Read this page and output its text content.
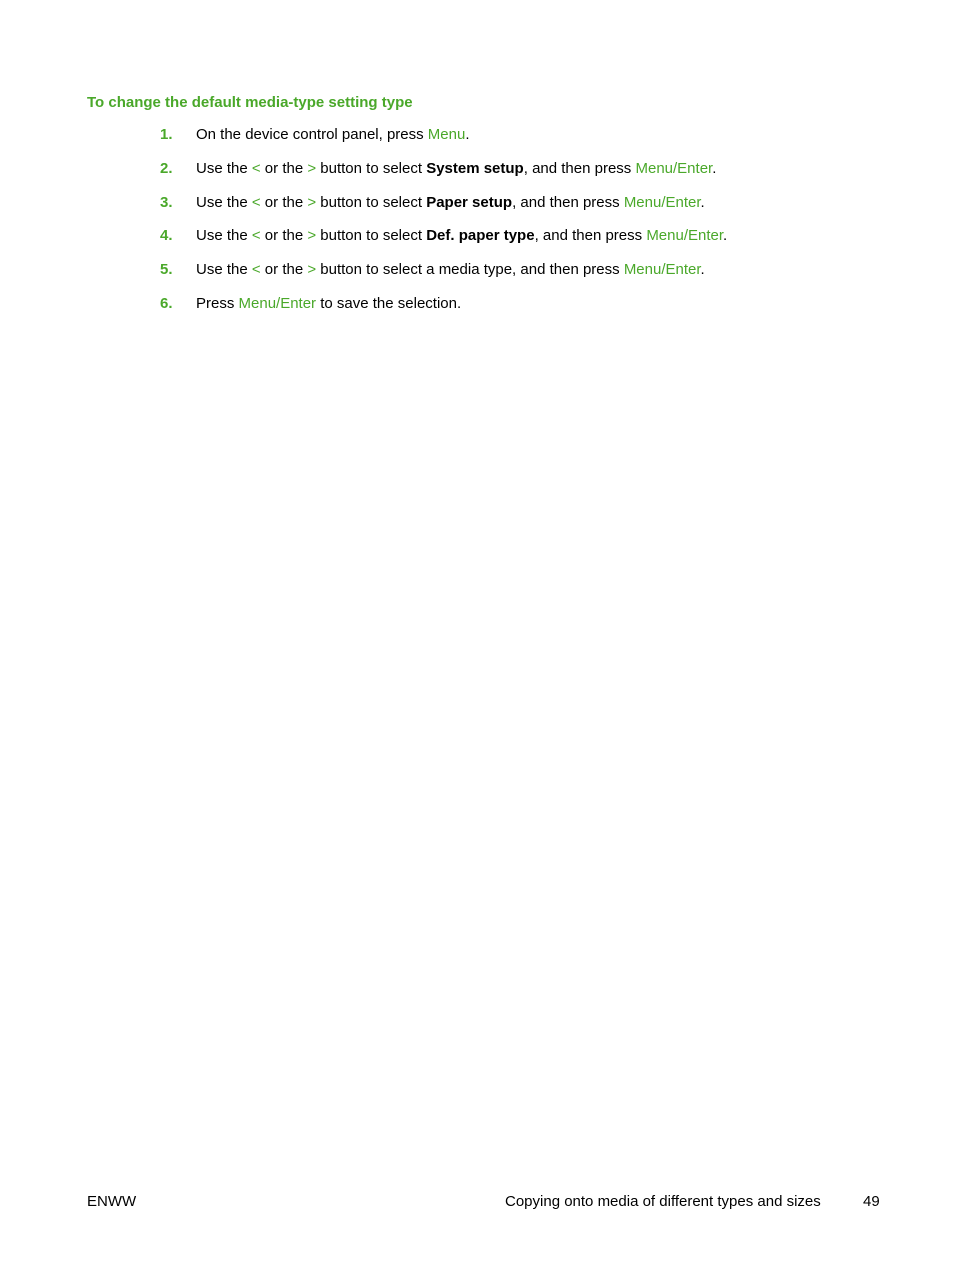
To change the default media-type setting type
1. On the device control panel, press Menu.
2. Use the < or the > button to select System setup, and then press Menu/Enter.
3. Use the < or the > button to select Paper setup, and then press Menu/Enter.
4. Use the < or the > button to select Def. paper type, and then press Menu/Enter.
5. Use the < or the > button to select a media type, and then press Menu/Enter.
6. Press Menu/Enter to save the selection.
ENWW	Copying onto media of different types and sizes	49
